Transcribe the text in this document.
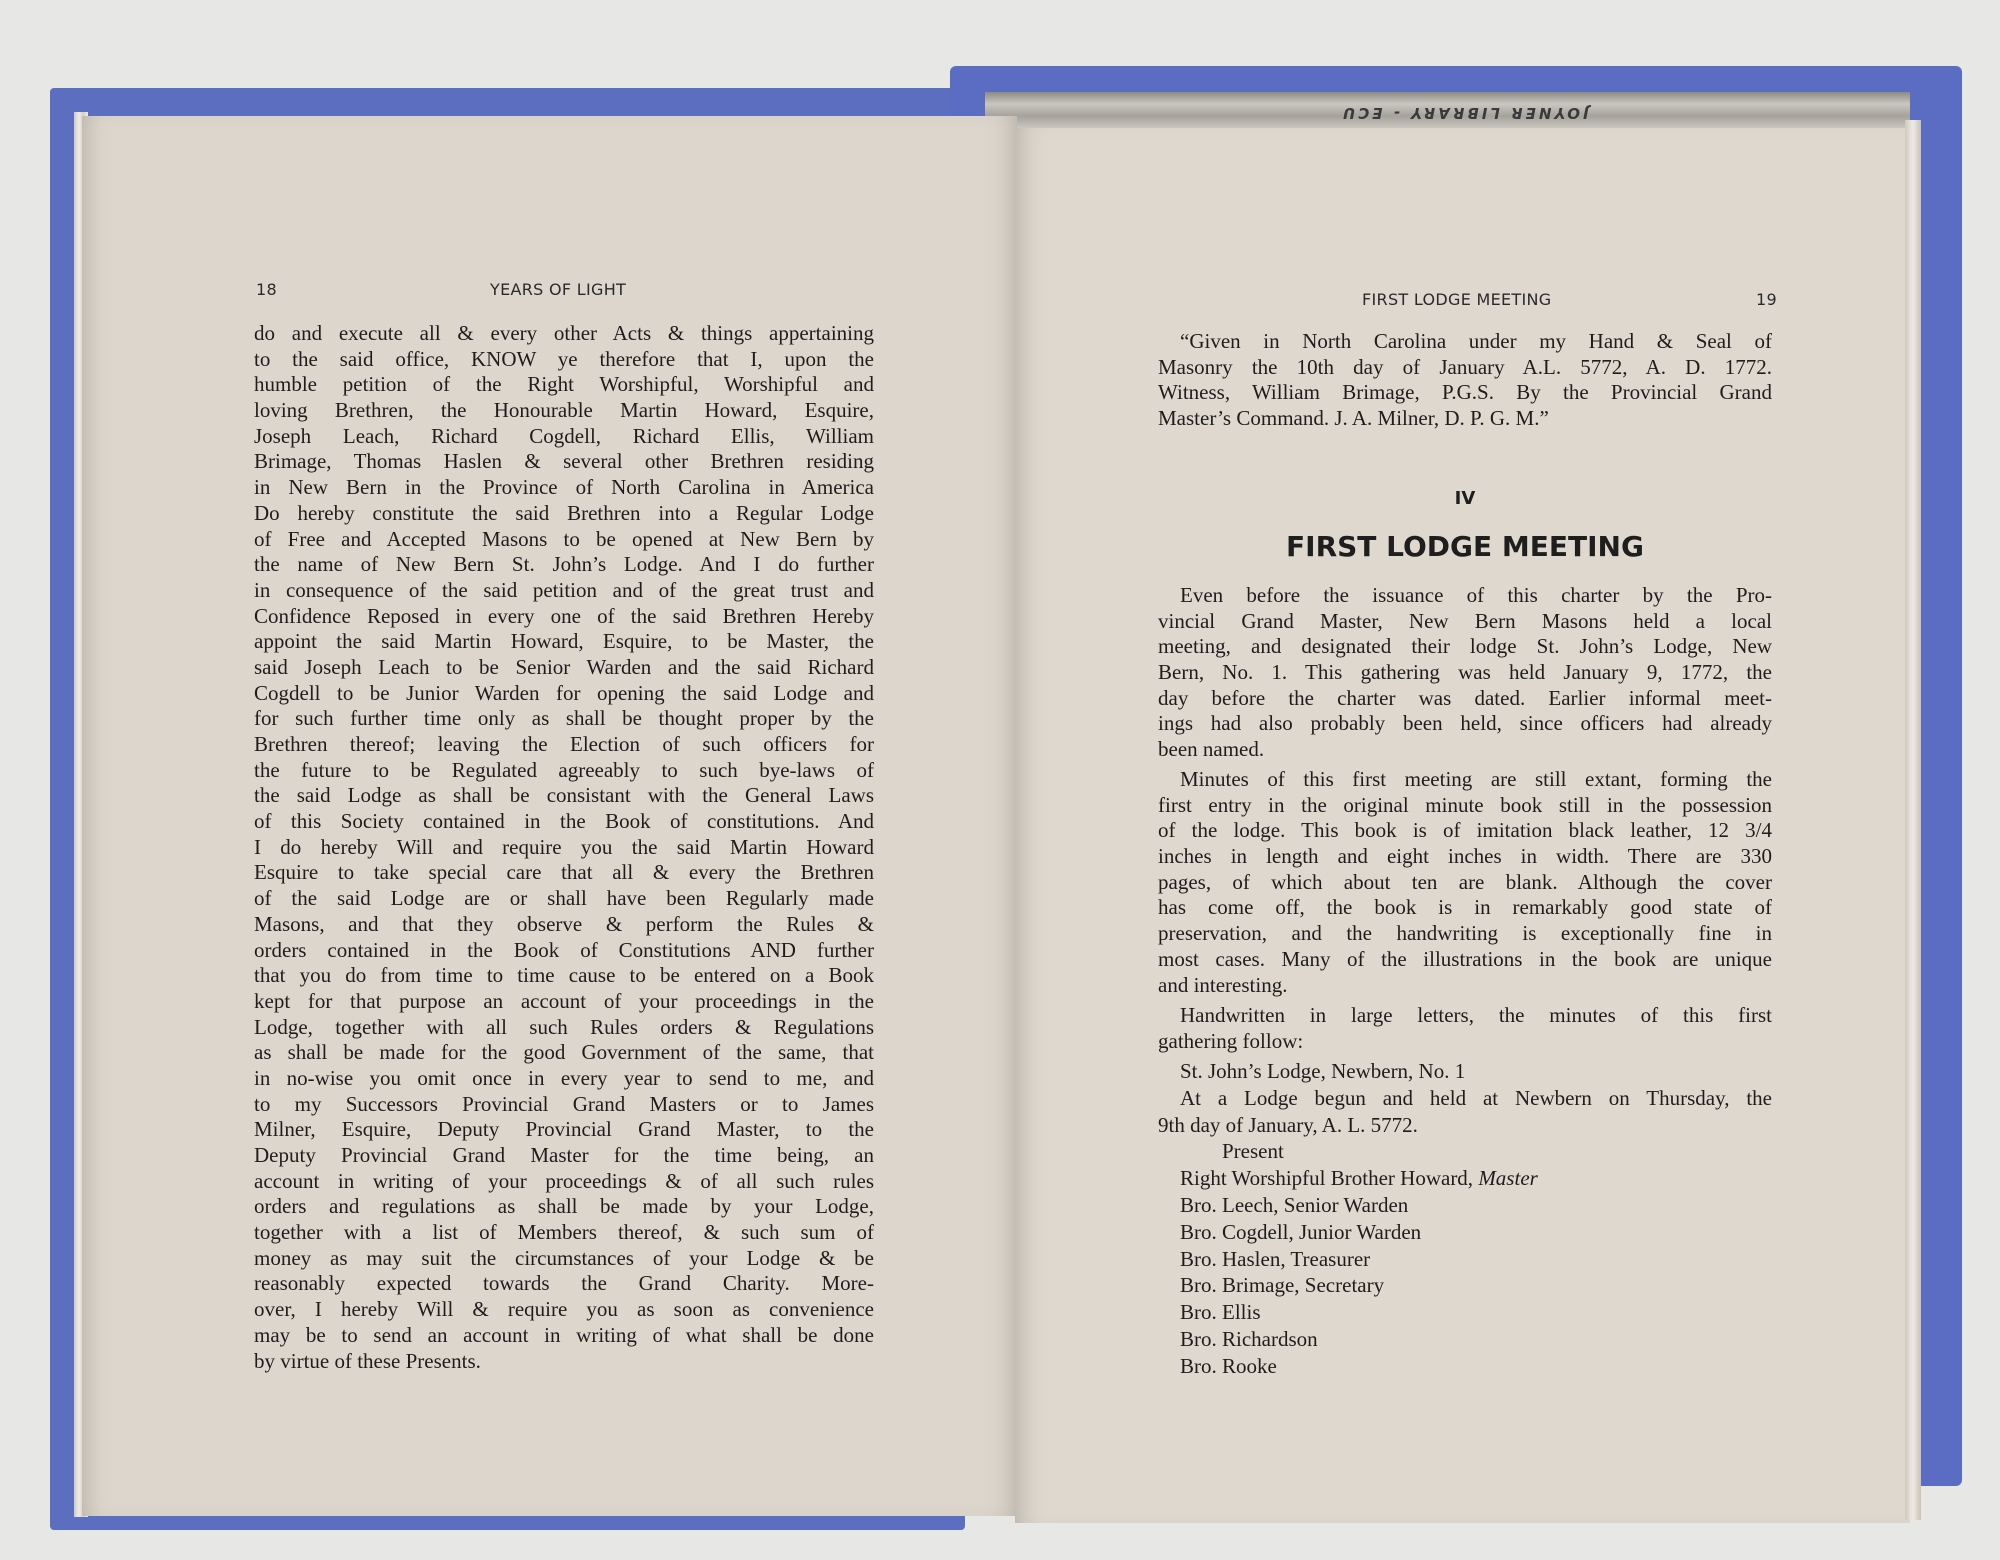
JOYNER LIBRARY - ECU
18	YEARS OF LIGHT
do and execute all & every other Acts & things appertaining
to the said office, KNOW ye therefore that I, upon the
humble petition of the Right Worshipful, Worshipful and
loving Brethren, the Honourable Martin Howard, Esquire,
Joseph Leach, Richard Cogdell, Richard Ellis, William
Brimage, Thomas Haslen & several other Brethren residing
in New Bern in the Province of North Carolina in America
Do hereby constitute the said Brethren into a Regular Lodge
of Free and Accepted Masons to be opened at New Bern by
the name of New Bern St. John’s Lodge. And I do further
in consequence of the said petition and of the great trust and
Confidence Reposed in every one of the said Brethren Hereby
appoint the said Martin Howard, Esquire, to be Master, the
said Joseph Leach to be Senior Warden and the said Richard
Cogdell to be Junior Warden for opening the said Lodge and
for such further time only as shall be thought proper by the
Brethren thereof; leaving the Election of such officers for
the future to be Regulated agreeably to such bye-laws of
the said Lodge as shall be consistant with the General Laws
of this Society contained in the Book of constitutions. And
I do hereby Will and require you the said Martin Howard
Esquire to take special care that all & every the Brethren
of the said Lodge are or shall have been Regularly made
Masons, and that they observe & perform the Rules &
orders contained in the Book of Constitutions AND further
that you do from time to time cause to be entered on a Book
kept for that purpose an account of your proceedings in the
Lodge, together with all such Rules orders & Regulations
as shall be made for the good Government of the same, that
in no-wise you omit once in every year to send to me, and
to my Successors Provincial Grand Masters or to James
Milner, Esquire, Deputy Provincial Grand Master, to the
Deputy Provincial Grand Master for the time being, an
account in writing of your proceedings & of all such rules
orders and regulations as shall be made by your Lodge,
together with a list of Members thereof, & such sum of
money as may suit the circumstances of your Lodge & be
reasonably expected towards the Grand Charity. More-
over, I hereby Will & require you as soon as convenience
may be to send an account in writing of what shall be done
by virtue of these Presents.
FIRST LODGE MEETING	19
“Given in North Carolina under my Hand & Seal of
Masonry the 10th day of January A.L. 5772, A. D. 1772.
Witness, William Brimage, P.G.S. By the Provincial Grand
Master’s Command. J. A. Milner, D. P. G. M.”
IV
FIRST LODGE MEETING
Even before the issuance of this charter by the Pro-
vincial Grand Master, New Bern Masons held a local
meeting, and designated their lodge St. John’s Lodge, New
Bern, No. 1. This gathering was held January 9, 1772, the
day before the charter was dated. Earlier informal meet-
ings had also probably been held, since officers had already
been named.
Minutes of this first meeting are still extant, forming the
first entry in the original minute book still in the possession
of the lodge. This book is of imitation black leather, 12 3/4
inches in length and eight inches in width. There are 330
pages, of which about ten are blank. Although the cover
has come off, the book is in remarkably good state of
preservation, and the handwriting is exceptionally fine in
most cases. Many of the illustrations in the book are unique
and interesting.
Handwritten in large letters, the minutes of this first
gathering follow:
St. John’s Lodge, Newbern, No. 1
At a Lodge begun and held at Newbern on Thursday, the
9th day of January, A. L. 5772.
Present
Right Worshipful Brother Howard, Master
Bro. Leech, Senior Warden
Bro. Cogdell, Junior Warden
Bro. Haslen, Treasurer
Bro. Brimage, Secretary
Bro. Ellis
Bro. Richardson
Bro. Rooke
